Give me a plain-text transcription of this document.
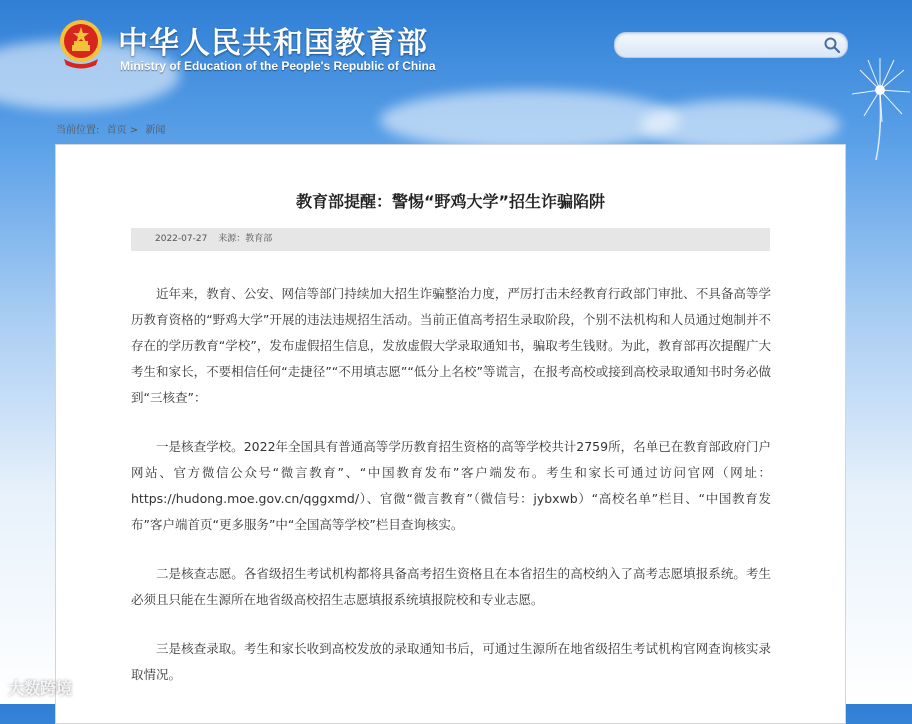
中华人民共和国教育部
Ministry of Education of the People's Republic of China
当前位置: 首页 > 新闻
教育部提醒：警惕“野鸡大学”招生诈骗陷阱
2022-07-27 来源：教育部

近年来，教育、公安、网信等部门持续加大招生诈骗整治力度，严厉打击未经教育行政部门审批、不具备高等学历教育资格的“野鸡大学”开展的违法违规招生活动。当前正值高考招生录取阶段，个别不法机构和人员通过炮制并不存在的学历教育“学校”，发布虚假招生信息，发放虚假大学录取通知书，骗取考生钱财。为此，教育部再次提醒广大考生和家长，不要相信任何“走捷径”“不用填志愿”“低分上名校”等谎言，在报考高校或接到高校录取通知书时务必做到“三核查”：

一是核查学校。2022年全国具有普通高等学历教育招生资格的高等学校共计2759所，名单已在教育部政府门户网站、官方微信公众号“微言教育”、“中国教育发布”客户端发布。考生和家长可通过访问官网（网址：https://hudong.moe.gov.cn/qggxmd/）、官微“微言教育”（微信号：jybxwb）“高校名单”栏目、“中国教育发布”客户端首页“更多服务”中“全国高等学校”栏目查询核实。

二是核查志愿。各省级招生考试机构都将具备高考招生资格且在本省招生的高校纳入了高考志愿填报系统。考生必须且只能在生源所在地省级高校招生志愿填报系统填报院校和专业志愿。

三是核查录取。考生和家长收到高校发放的录取通知书后，可通过生源所在地省级招生考试机构官网查询核实录取情况。

大数跨境
